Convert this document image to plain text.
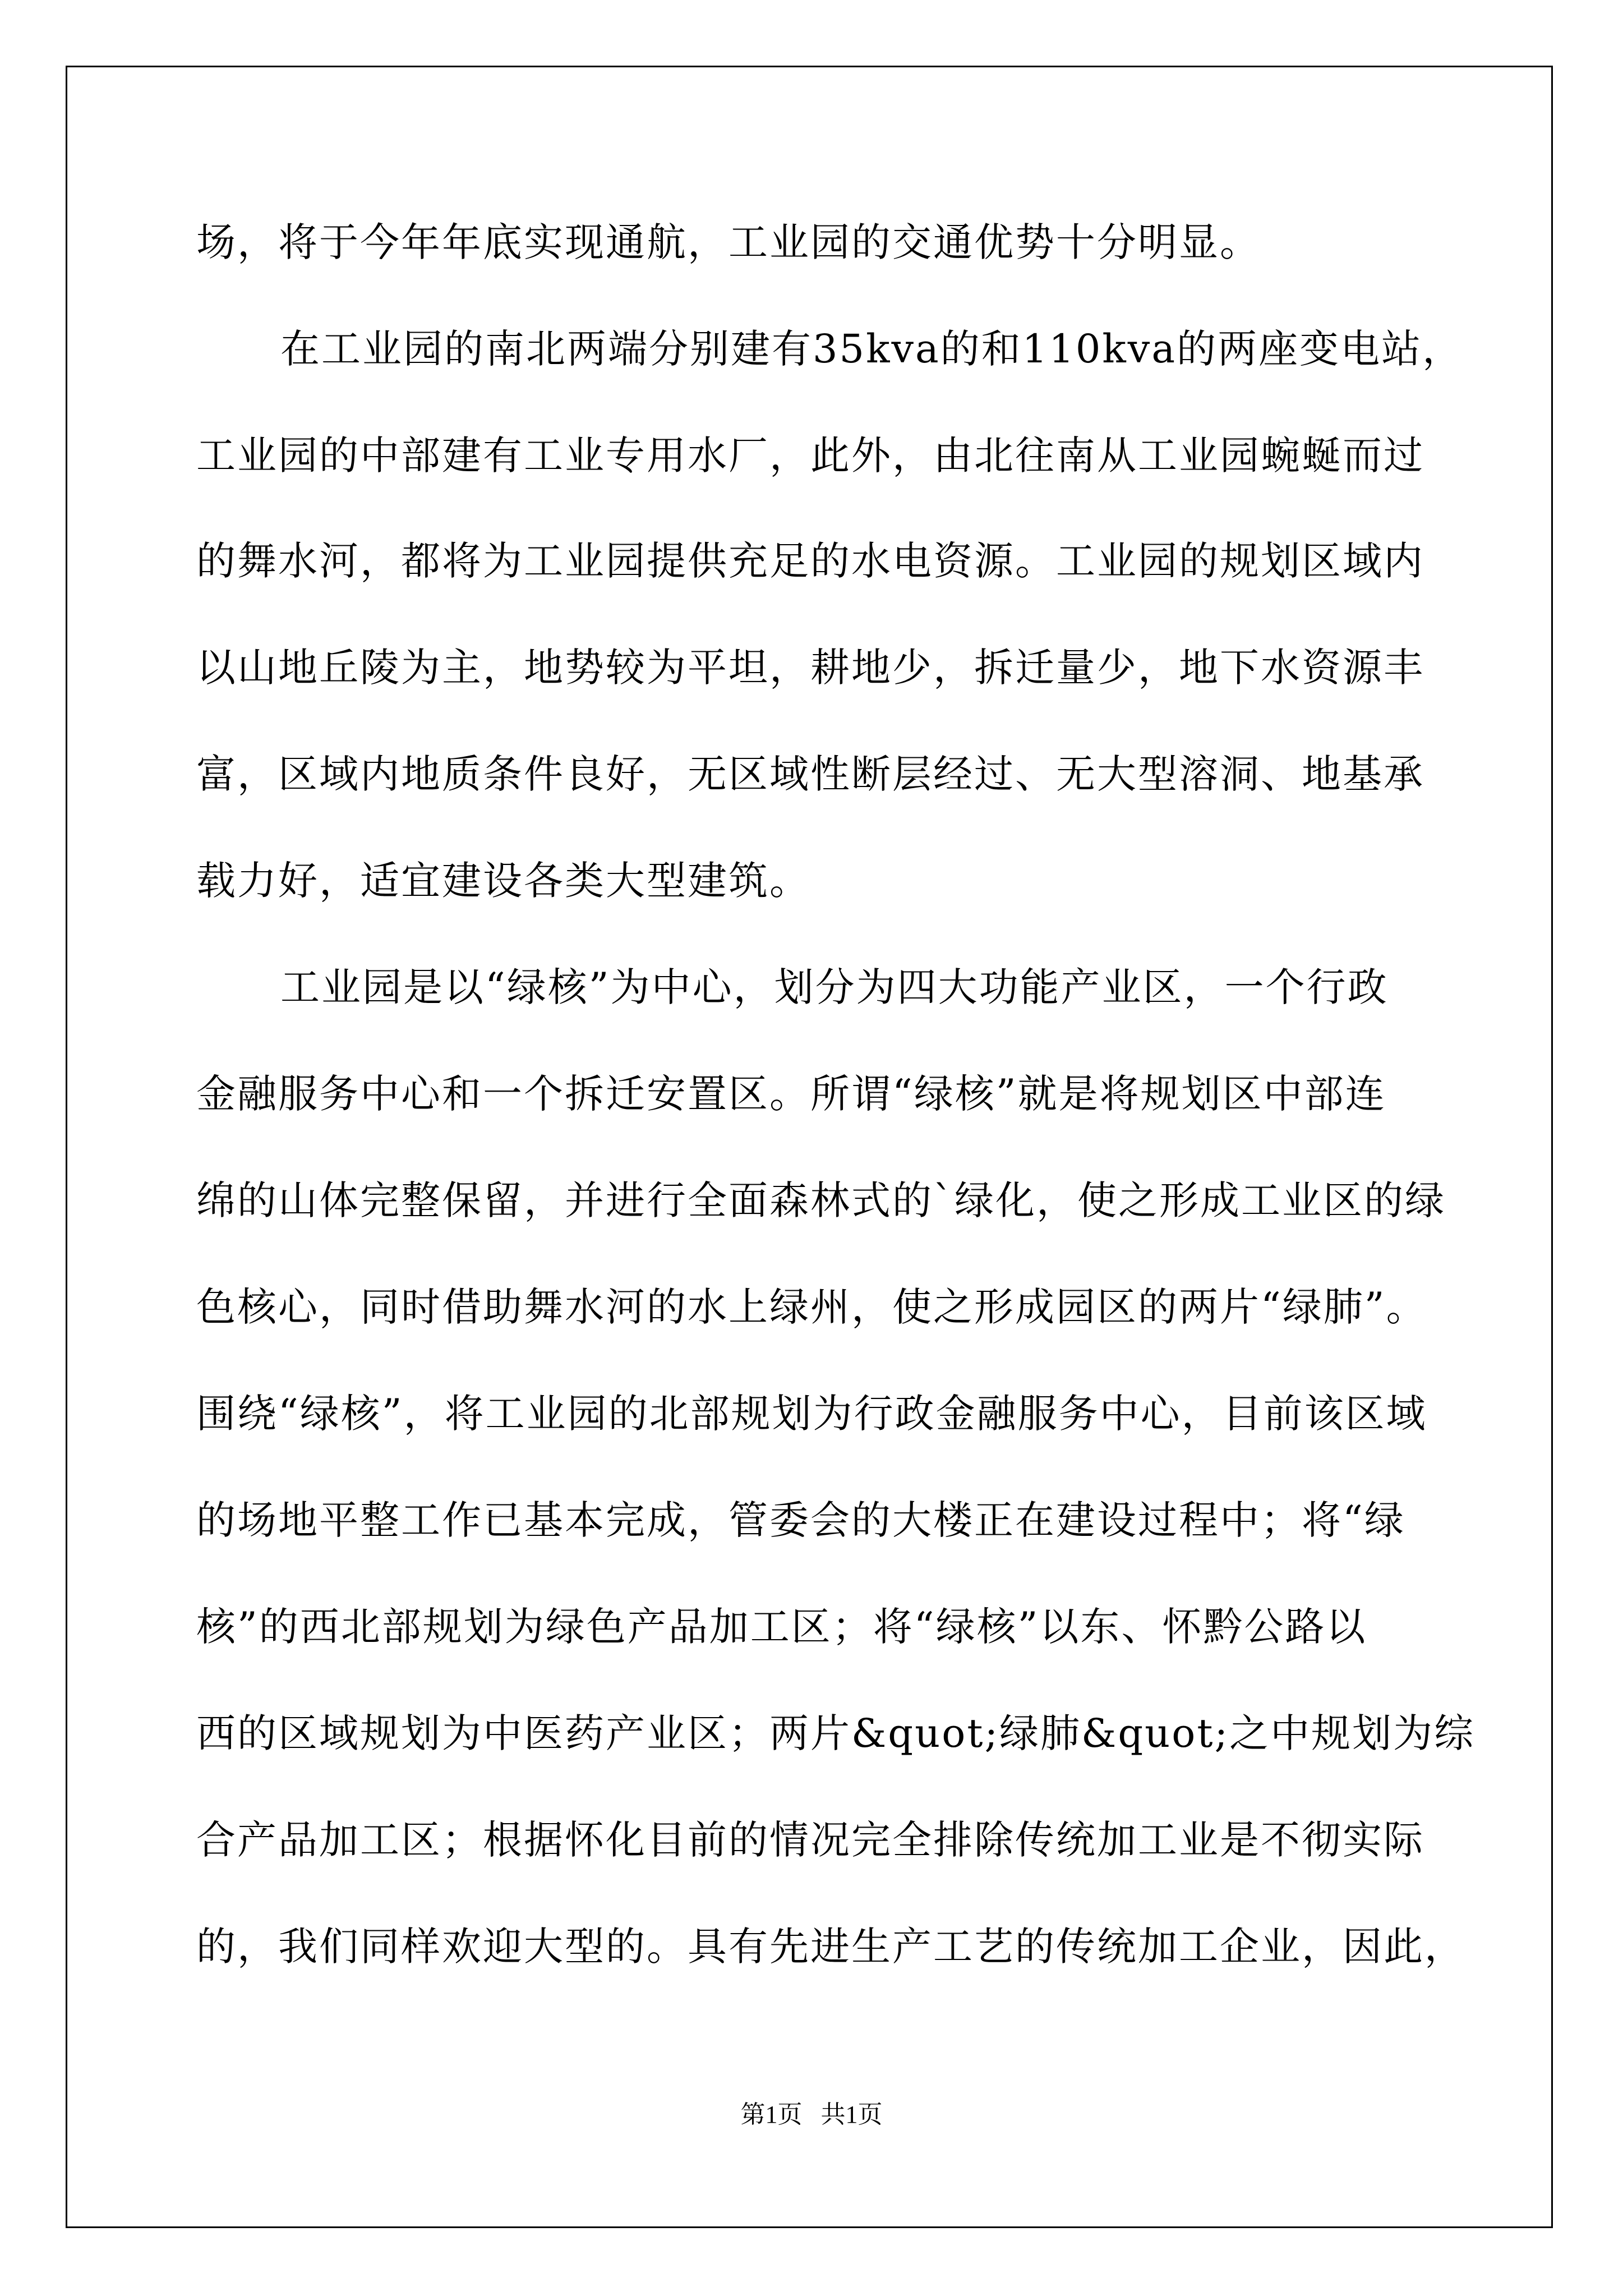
场，将于今年年底实现通航，工业园的交通优势十分明显。
在工业园的南北两端分别建有35kva的和110kva的两座变电站，
工业园的中部建有工业专用水厂，此外，由北往南从工业园蜿蜒而过
的舞水河，都将为工业园提供充足的水电资源。工业园的规划区域内
以山地丘陵为主，地势较为平坦，耕地少，拆迁量少，地下水资源丰
富，区域内地质条件良好，无区域性断层经过、无大型溶洞、地基承
载力好，适宜建设各类大型建筑。
工业园是以“绿核”为中心，划分为四大功能产业区，一个行政
金融服务中心和一个拆迁安置区。所谓“绿核”就是将规划区中部连
绵的山体完整保留，并进行全面森林式的`绿化，使之形成工业区的绿
色核心，同时借助舞水河的水上绿州，使之形成园区的两片“绿肺”。
围绕“绿核”，将工业园的北部规划为行政金融服务中心，目前该区域
的场地平整工作已基本完成，管委会的大楼正在建设过程中；将“绿
核”的西北部规划为绿色产品加工区；将“绿核”以东、怀黔公路以
西的区域规划为中医药产业区；两片&quot;绿肺&quot;之中规划为综
合产品加工区；根据怀化目前的情况完全排除传统加工业是不彻实际
的，我们同样欢迎大型的。具有先进生产工艺的传统加工企业，因此，
第1页 共1页
